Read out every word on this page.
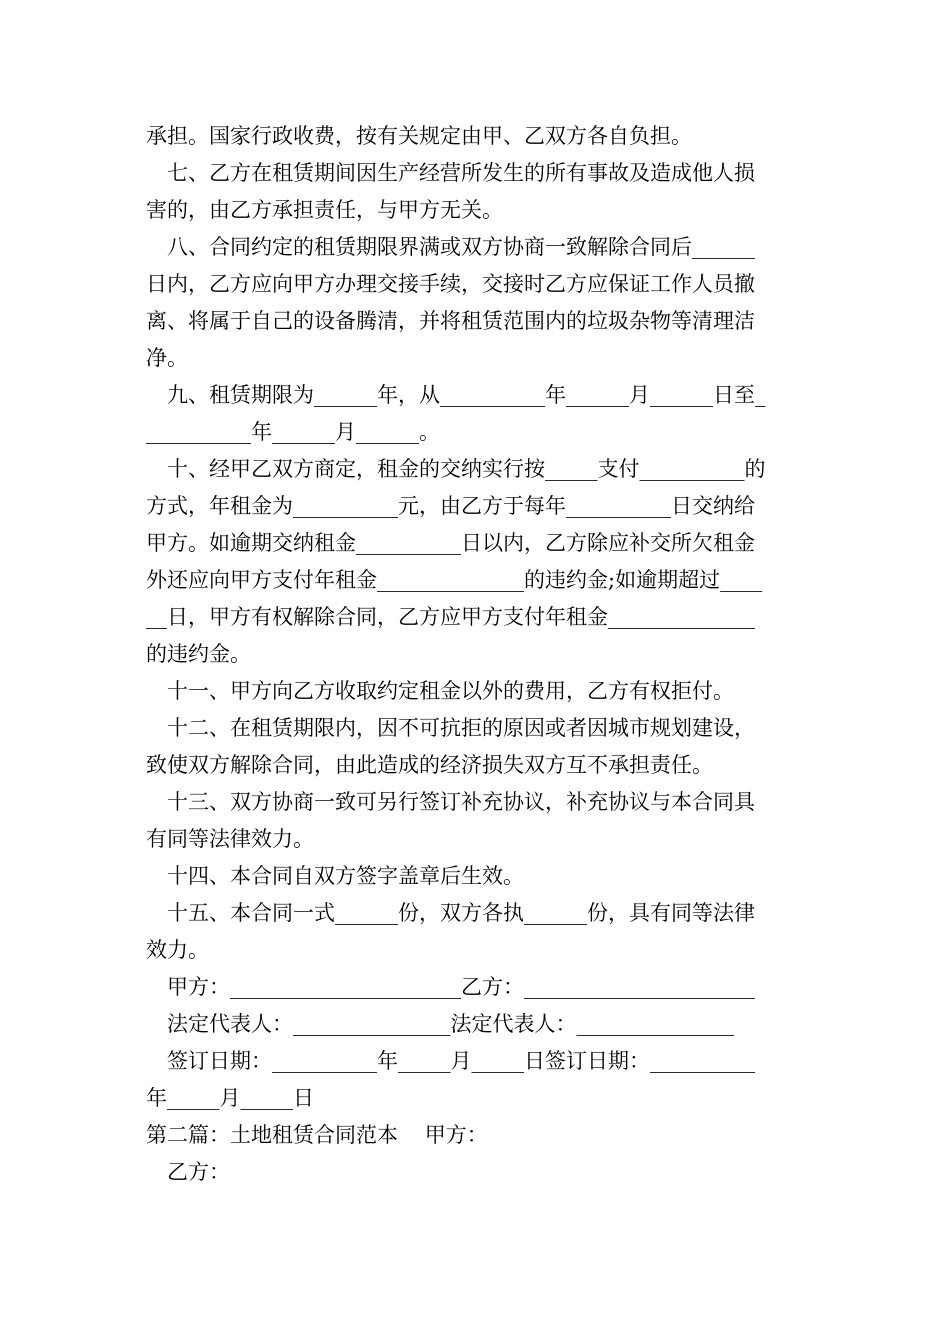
承担。国家行政收费，按有关规定由甲、乙双方各自负担。
七、乙方在租赁期间因生产经营所发生的所有事故及造成他人损
害的，由乙方承担责任，与甲方无关。
八、合同约定的租赁期限界满或双方协商一致解除合同后______
日内，乙方应向甲方办理交接手续，交接时乙方应保证工作人员撤
离、将属于自己的设备腾清，并将租赁范围内的垃圾杂物等清理洁
净。
九、租赁期限为______年，从__________年______月______日至_
__________年______月______。
十、经甲乙双方商定，租金的交纳实行按_____支付__________的
方式，年租金为__________元，由乙方于每年__________日交纳给
甲方。如逾期交纳租金__________日以内，乙方除应补交所欠租金
外还应向甲方支付年租金______________的违约金;如逾期超过____
__日，甲方有权解除合同，乙方应甲方支付年租金______________
的违约金。
十一、甲方向乙方收取约定租金以外的费用，乙方有权拒付。
十二、在租赁期限内，因不可抗拒的原因或者因城市规划建设，
致使双方解除合同，由此造成的经济损失双方互不承担责任。
十三、双方协商一致可另行签订补充协议，补充协议与本合同具
有同等法律效力。
十四、本合同自双方签字盖章后生效。
十五、本合同一式______份，双方各执______份，具有同等法律
效力。
甲方：______________________乙方：______________________
法定代表人：_______________法定代表人：_______________
签订日期：__________年_____月_____日签订日期：__________
年_____月_____日
第二篇：土地租赁合同范本    甲方：
乙方：
